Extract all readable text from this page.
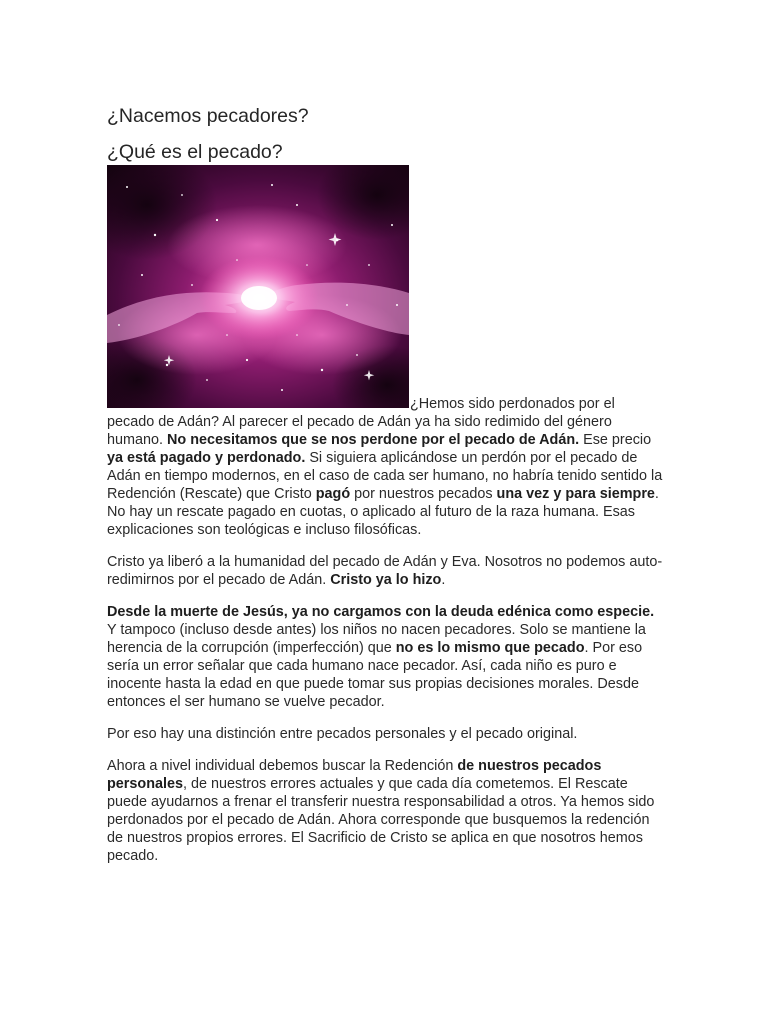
¿Nacemos pecadores?
¿Qué es el pecado?

¿Hemos sido perdonados por el pecado de Adán? Al parecer el pecado de Adán ya ha sido redimido del género humano. No necesitamos que se nos perdone por el pecado de Adán. Ese precio ya está pagado y perdonado. Si siguiera aplicándose un perdón por el pecado de Adán en tiempo modernos, en el caso de cada ser humano, no habría tenido sentido la Redención (Rescate) que Cristo pagó por nuestros pecados una vez y para siempre. No hay un rescate pagado en cuotas, o aplicado al futuro de la raza humana. Esas explicaciones son teológicas e incluso filosóficas.

Cristo ya liberó a la humanidad del pecado de Adán y Eva. Nosotros no podemos auto-redimirnos por el pecado de Adán. Cristo ya lo hizo.

Desde la muerte de Jesús, ya no cargamos con la deuda edénica como especie. Y tampoco (incluso desde antes) los niños no nacen pecadores. Solo se mantiene la herencia de la corrupción (imperfección) que no es lo mismo que pecado. Por eso sería un error señalar que cada humano nace pecador. Así, cada niño es puro e inocente hasta la edad en que puede tomar sus propias decisiones morales. Desde entonces el ser humano se vuelve pecador.

Por eso hay una distinción entre pecados personales y el pecado original.

Ahora a nivel individual debemos buscar la Redención de nuestros pecados personales, de nuestros errores actuales y que cada día cometemos. El Rescate puede ayudarnos a frenar el transferir nuestra responsabilidad a otros. Ya hemos sido perdonados por el pecado de Adán. Ahora corresponde que busquemos la redención de nuestros propios errores. El Sacrificio de Cristo se aplica en que nosotros hemos pecado.
